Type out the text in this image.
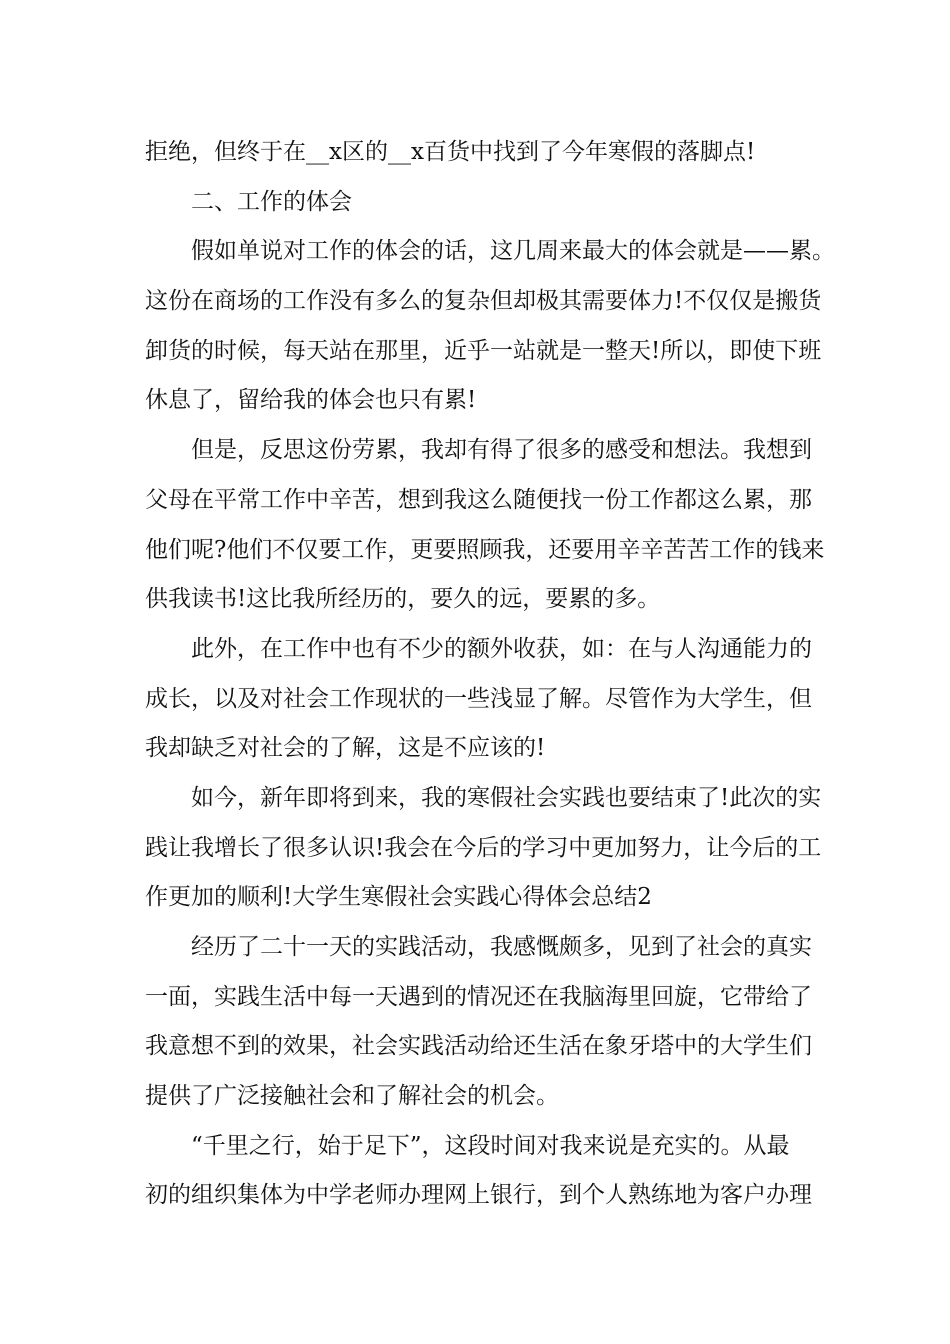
拒绝，但终于在__x区的__x百货中找到了今年寒假的落脚点!
二、工作的体会
假如单说对工作的体会的话，这几周来最大的体会就是——累。
这份在商场的工作没有多么的复杂但却极其需要体力!不仅仅是搬货
卸货的时候，每天站在那里，近乎一站就是一整天!所以，即使下班
休息了，留给我的体会也只有累!
但是，反思这份劳累，我却有得了很多的感受和想法。我想到
父母在平常工作中辛苦，想到我这么随便找一份工作都这么累，那
他们呢?他们不仅要工作，更要照顾我，还要用辛辛苦苦工作的钱来
供我读书!这比我所经历的，要久的远，要累的多。
此外，在工作中也有不少的额外收获，如：在与人沟通能力的
成长，以及对社会工作现状的一些浅显了解。尽管作为大学生，但
我却缺乏对社会的了解，这是不应该的!
如今，新年即将到来，我的寒假社会实践也要结束了!此次的实
践让我增长了很多认识!我会在今后的学习中更加努力，让今后的工
作更加的顺利!大学生寒假社会实践心得体会总结2
经历了二十一天的实践活动，我感慨颇多，见到了社会的真实
一面，实践生活中每一天遇到的情况还在我脑海里回旋，它带给了
我意想不到的效果，社会实践活动给还生活在象牙塔中的大学生们
提供了广泛接触社会和了解社会的机会。
“千里之行，始于足下”，这段时间对我来说是充实的。从最
初的组织集体为中学老师办理网上银行，到个人熟练地为客户办理
